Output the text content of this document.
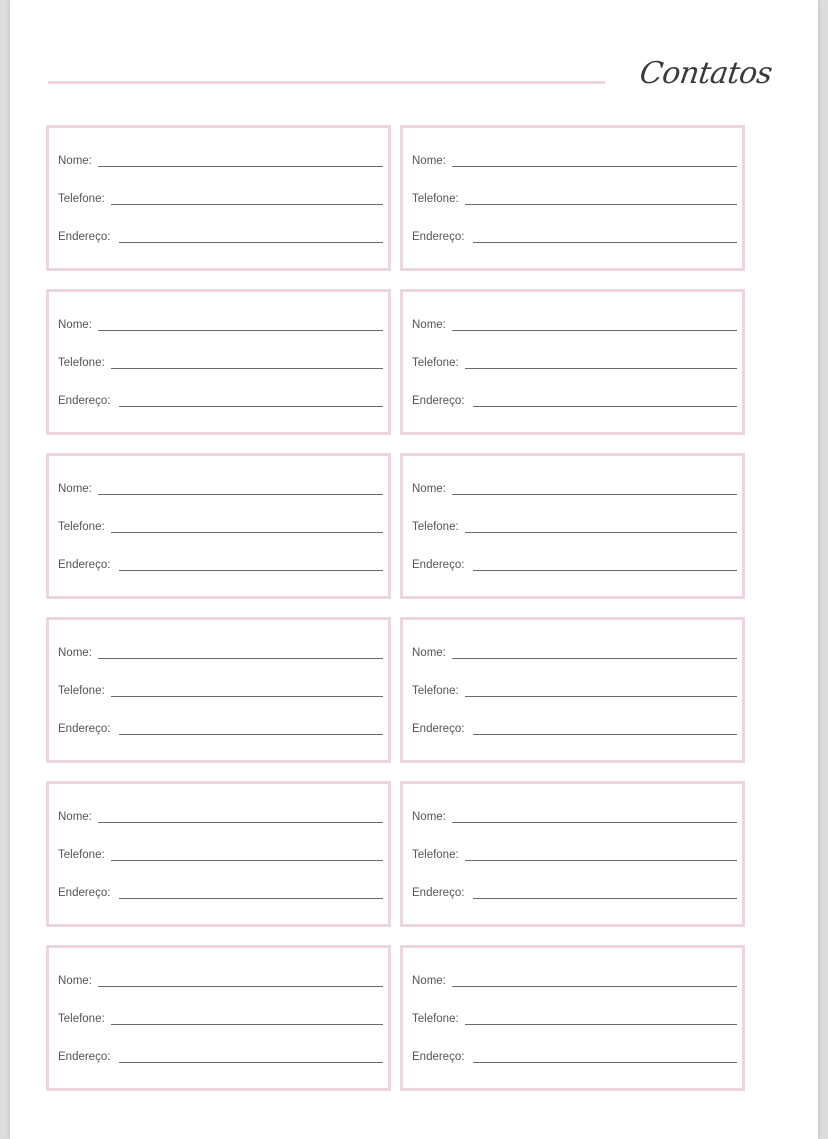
Contatos
Nome:
Telefone:
Endereço:
Nome:
Telefone:
Endereço:
Nome:
Telefone:
Endereço:
Nome:
Telefone:
Endereço:
Nome:
Telefone:
Endereço:
Nome:
Telefone:
Endereço:
Nome:
Telefone:
Endereço:
Nome:
Telefone:
Endereço:
Nome:
Telefone:
Endereço:
Nome:
Telefone:
Endereço:
Nome:
Telefone:
Endereço:
Nome:
Telefone:
Endereço:
